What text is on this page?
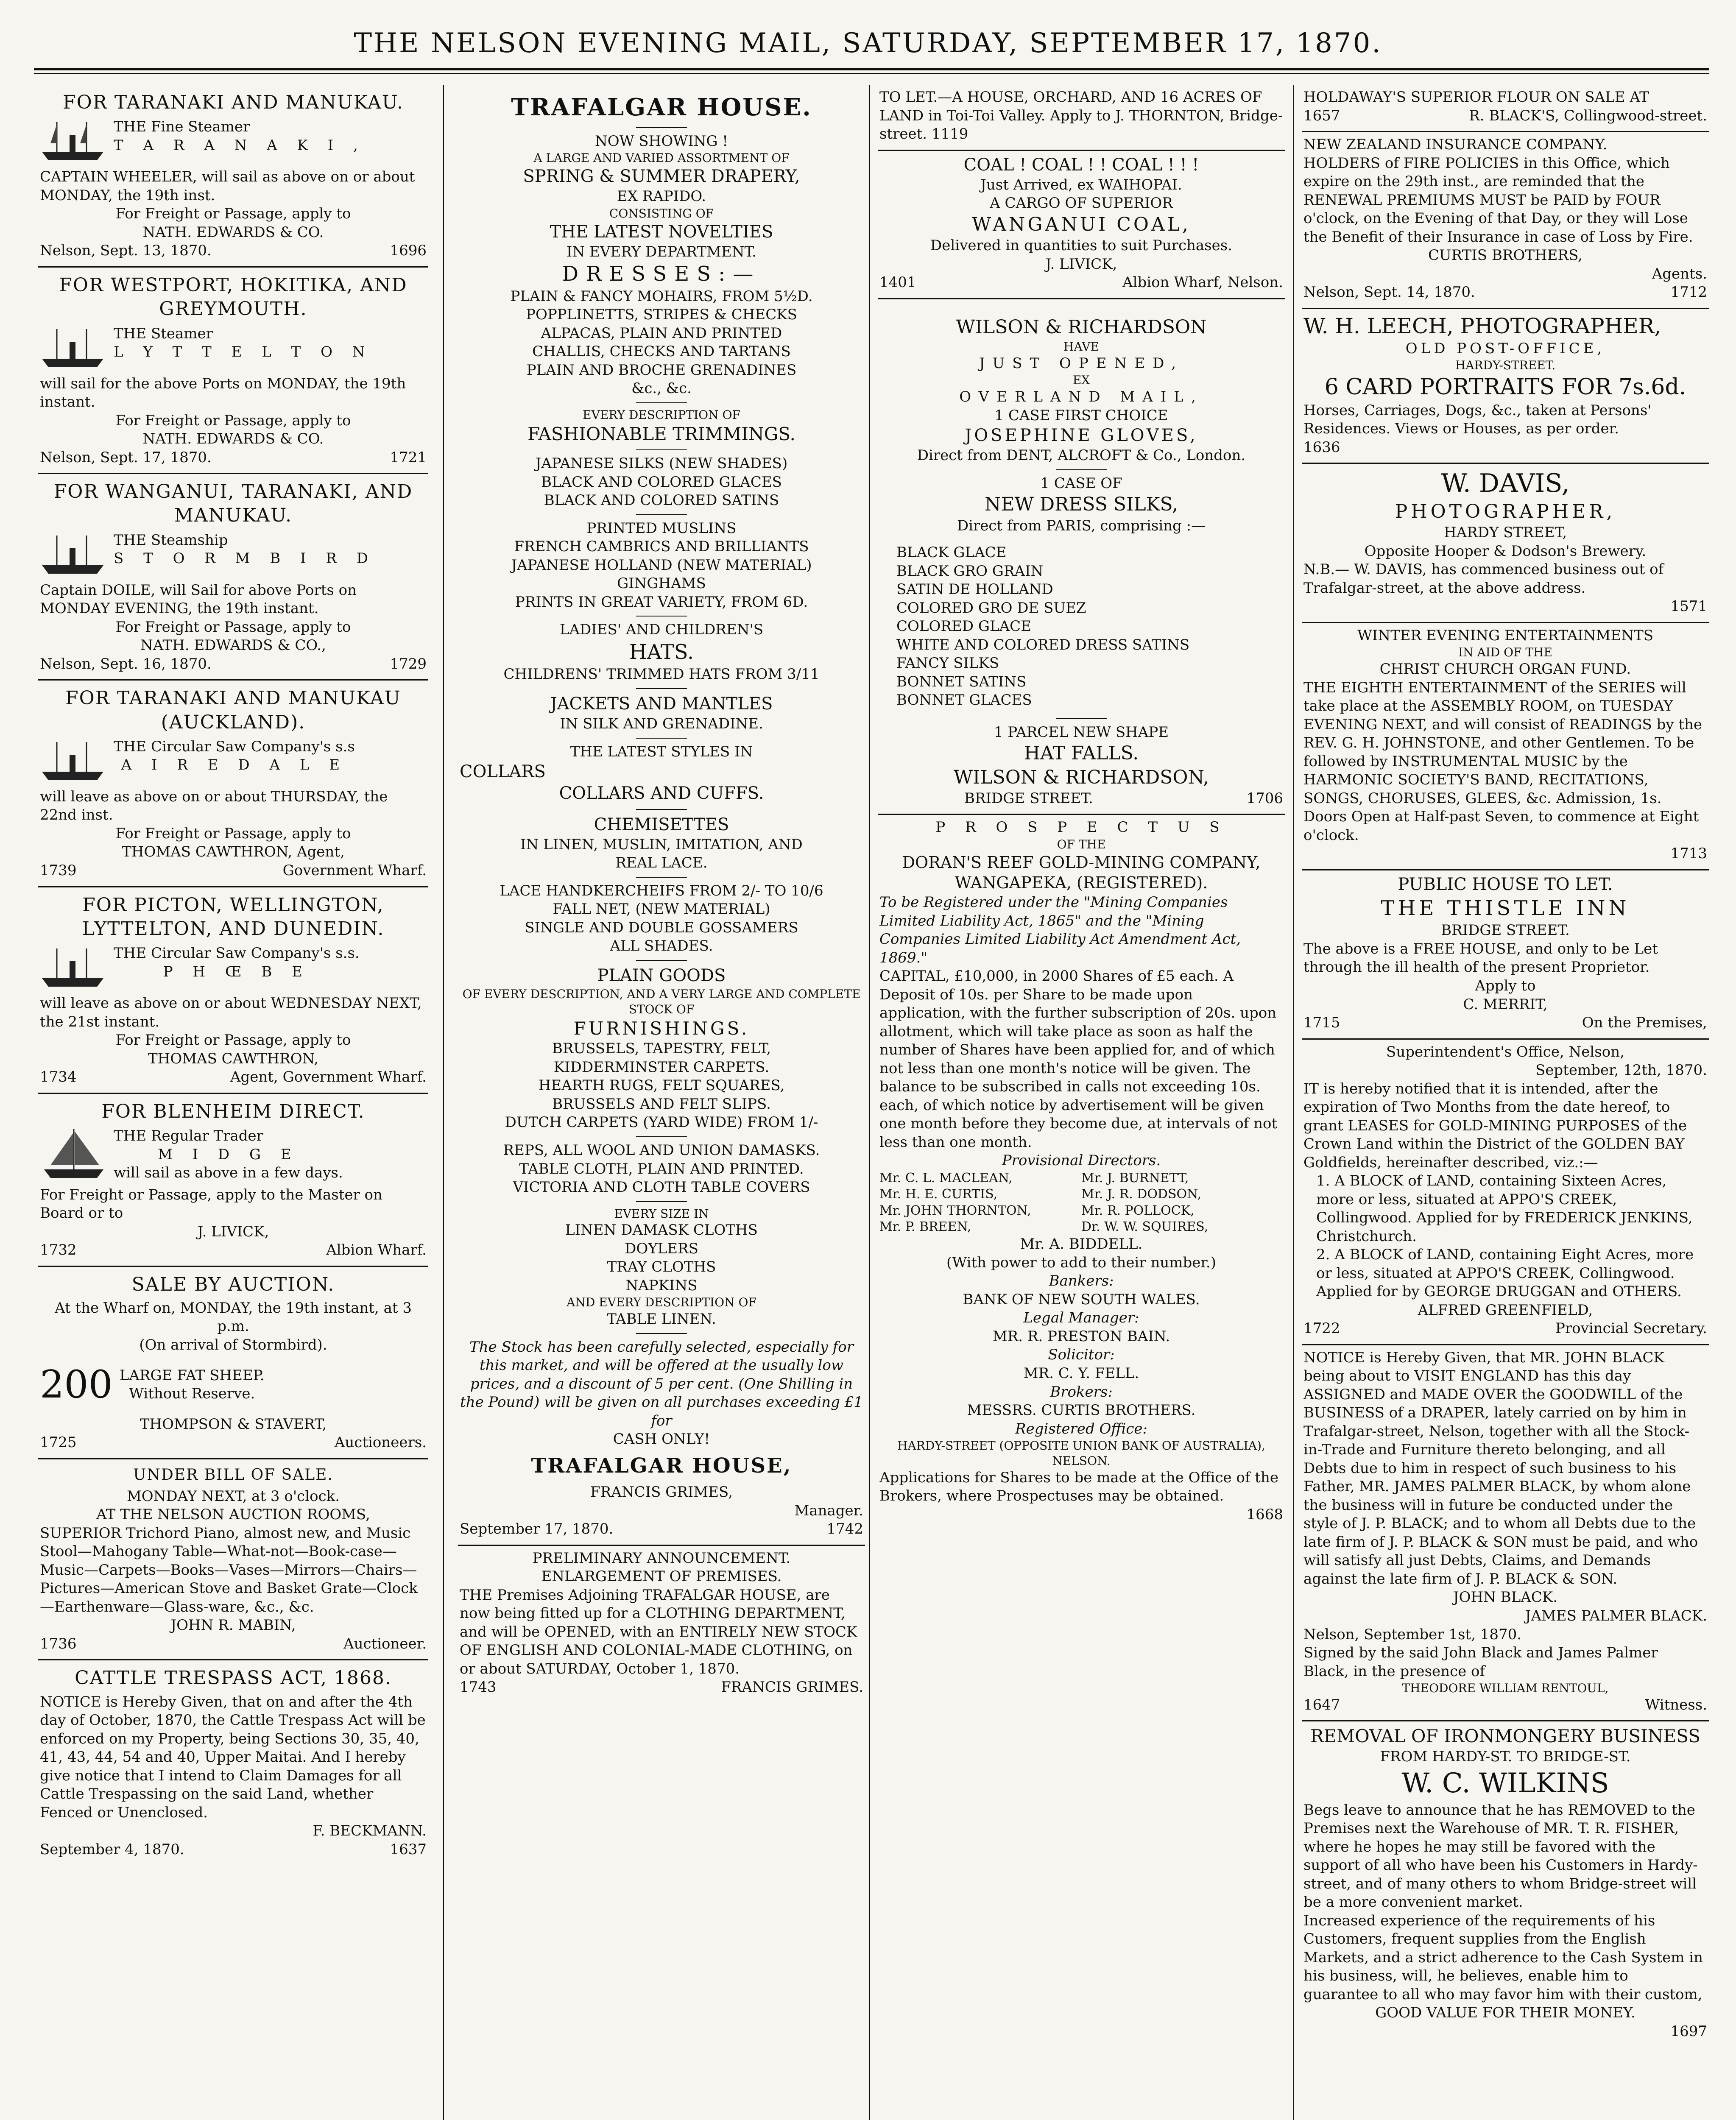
THE NELSON EVENING MAIL, SATURDAY, SEPTEMBER 17, 1870.
FOR TARANAKI AND MANUKAU.
THE Fine Steamer
T A R A N A K I ,
CAPTAIN WHEELER, will sail as above on or about MONDAY, the 19th inst.
For Freight or Passage, apply to
NATH. EDWARDS & CO.
Nelson, Sept. 13, 1870.	1696
FOR WESTPORT, HOKITIKA, AND GREYMOUTH.
THE Steamer
L Y T T E L T O N
will sail for the above Ports on MONDAY, the 19th instant.
For Freight or Passage, apply to
NATH. EDWARDS & CO.
Nelson, Sept. 17, 1870.	1721
FOR WANGANUI, TARANAKI, AND MANUKAU.
THE Steamship
S T O R M B I R D
Captain DOILE, will Sail for above Ports on MONDAY EVENING, the 19th instant.
For Freight or Passage, apply to
NATH. EDWARDS & CO.,
Nelson, Sept. 16, 1870.	1729
FOR TARANAKI AND MANUKAU (AUCKLAND).
THE Circular Saw Company's s.s
A I R E D A L E
will leave as above on or about THURSDAY, the 22nd inst.
For Freight or Passage, apply to
THOMAS CAWTHRON, Agent,
1739	Government Wharf.
FOR PICTON, WELLINGTON, LYTTELTON, AND DUNEDIN.
THE Circular Saw Company's s.s.
P H Œ B E
will leave as above on or about WEDNESDAY NEXT, the 21st instant.
For Freight or Passage, apply to
THOMAS CAWTHRON,
1734	Agent, Government Wharf.
FOR BLENHEIM DIRECT.
THE Regular Trader
M I D G E
will sail as above in a few days.
For Freight or Passage, apply to the Master on Board or to
J. LIVICK,
1732	Albion Wharf.
SALE BY AUCTION.
At the Wharf on, MONDAY, the 19th instant, at 3 p.m.
(On arrival of Stormbird).
200 LARGE FAT SHEEP.
Without Reserve.
THOMPSON & STAVERT,
1725	Auctioneers.
UNDER BILL OF SALE.
MONDAY NEXT, at 3 o'clock.
AT THE NELSON AUCTION ROOMS,
SUPERIOR Trichord Piano, almost new, and Music Stool—Mahogany Table—What-not—Book-case—Music—Carpets—Books—Vases—Mirrors—Chairs—Pictures—American Stove and Basket Grate—Clock—Earthenware—Glass-ware, &c., &c.
JOHN R. MABIN,
1736	Auctioneer.
CATTLE TRESPASS ACT, 1868.
NOTICE is Hereby Given, that on and after the 4th day of October, 1870, the Cattle Trespass Act will be enforced on my Property, being Sections 30, 35, 40, 41, 43, 44, 54 and 40, Upper Maitai. And I hereby give notice that I intend to Claim Damages for all Cattle Trespassing on the said Land, whether Fenced or Unenclosed.
F. BECKMANN.
September 4, 1870.	1637
TRAFALGAR HOUSE.
NOW SHOWING !
A LARGE AND VARIED ASSORTMENT OF
SPRING & SUMMER DRAPERY,
EX RAPIDO.
CONSISTING OF
THE LATEST NOVELTIES
IN EVERY DEPARTMENT.
DRESSES:—
PLAIN & FANCY MOHAIRS, FROM 5½D.
POPPLINETTS, STRIPES & CHECKS
ALPACAS, PLAIN AND PRINTED
CHALLIS, CHECKS AND TARTANS
PLAIN AND BROCHE GRENADINES
&c., &c.
EVERY DESCRIPTION OF
FASHIONABLE TRIMMINGS.
JAPANESE SILKS (NEW SHADES)
BLACK AND COLORED GLACES
BLACK AND COLORED SATINS
PRINTED MUSLINS
FRENCH CAMBRICS AND BRILLIANTS
JAPANESE HOLLAND (NEW MATERIAL)
GINGHAMS
PRINTS IN GREAT VARIETY, FROM 6D.
LADIES' AND CHILDREN'S
HATS.
CHILDRENS' TRIMMED HATS FROM 3/11
JACKETS AND MANTLES
IN SILK AND GRENADINE.
THE LATEST STYLES IN
COLLARS
COLLARS AND CUFFS.
CHEMISETTES
IN LINEN, MUSLIN, IMITATION, AND
REAL LACE.
LACE HANDKERCHEIFS FROM 2/- TO 10/6
FALL NET, (NEW MATERIAL)
SINGLE AND DOUBLE GOSSAMERS
ALL SHADES.
PLAIN GOODS
OF EVERY DESCRIPTION, AND A VERY LARGE AND COMPLETE STOCK OF
FURNISHINGS.
BRUSSELS, TAPESTRY, FELT,
KIDDERMINSTER CARPETS.
HEARTH RUGS, FELT SQUARES,
BRUSSELS AND FELT SLIPS.
DUTCH CARPETS (YARD WIDE) FROM 1/-
REPS, ALL WOOL AND UNION DAMASKS.
TABLE CLOTH, PLAIN AND PRINTED.
VICTORIA AND CLOTH TABLE COVERS
EVERY SIZE IN
LINEN DAMASK CLOTHS
DOYLERS
TRAY CLOTHS
NAPKINS
AND EVERY DESCRIPTION OF
TABLE LINEN.
The Stock has been carefully selected, especially for this market, and will be offered at the usually low prices, and a discount of 5 per cent. (One Shilling in the Pound) will be given on all purchases exceeding £1 for
CASH ONLY!
TRAFALGAR HOUSE,
FRANCIS GRIMES,
Manager.
September 17, 1870.	1742
PRELIMINARY ANNOUNCEMENT.
ENLARGEMENT OF PREMISES.
THE Premises Adjoining TRAFALGAR HOUSE, are now being fitted up for a CLOTHING DEPARTMENT, and will be OPENED, with an ENTIRELY NEW STOCK OF ENGLISH AND COLONIAL-MADE CLOTHING, on or about SATURDAY, October 1, 1870.
1743	FRANCIS GRIMES.
TO LET.—A HOUSE, ORCHARD, AND 16 ACRES OF LAND in Toi-Toi Valley. Apply to J. THORNTON, Bridge-street. 1119
COAL ! COAL ! ! COAL ! ! !
Just Arrived, ex WAIHOPAI.
A CARGO OF SUPERIOR
WANGANUI COAL,
Delivered in quantities to suit Purchases.
J. LIVICK,
1401	Albion Wharf, Nelson.
WILSON & RICHARDSON
HAVE
JUST OPENED,
EX
OVERLAND MAIL,
1 CASE FIRST CHOICE
JOSEPHINE GLOVES,
Direct from DENT, ALCROFT & Co., London.
1 CASE OF
NEW DRESS SILKS,
Direct from PARIS, comprising :—
BLACK GLACE
BLACK GRO GRAIN
SATIN DE HOLLAND
COLORED GRO DE SUEZ
COLORED GLACE
WHITE AND COLORED DRESS SATINS
FANCY SILKS
BONNET SATINS
BONNET GLACES
1 PARCEL NEW SHAPE
HAT FALLS.
WILSON & RICHARDSON,
BRIDGE STREET.	1706
P R O S P E C T U S
OF THE
DORAN'S REEF GOLD-MINING COMPANY, WANGAPEKA, (REGISTERED).
To be Registered under the "Mining Companies Limited Liability Act, 1865" and the "Mining Companies Limited Liability Act Amendment Act, 1869."
CAPITAL, £10,000, in 2000 Shares of £5 each. A Deposit of 10s. per Share to be made upon application, with the further subscription of 20s. upon allotment, which will take place as soon as half the number of Shares have been applied for, and of which not less than one month's notice will be given. The balance to be subscribed in calls not exceeding 10s. each, of which notice by advertisement will be given one month before they become due, at intervals of not less than one month.
Provisional Directors.
Mr. C. L. MACLEAN,	Mr. J. BURNETT,
Mr. H. E. CURTIS,	Mr. J. R. DODSON,
Mr. JOHN THORNTON,	Mr. R. POLLOCK,
Mr. P. BREEN,	Dr. W. W. SQUIRES,
Mr. A. BIDDELL.
(With power to add to their number.)
Bankers:
BANK OF NEW SOUTH WALES.
Legal Manager:
MR. R. PRESTON BAIN.
Solicitor:
MR. C. Y. FELL.
Brokers:
MESSRS. CURTIS BROTHERS.
Registered Office:
HARDY-STREET (OPPOSITE UNION BANK OF AUSTRALIA), NELSON.
Applications for Shares to be made at the Office of the Brokers, where Prospectuses may be obtained.
1668
HOLDAWAY'S SUPERIOR FLOUR ON SALE AT
1657	R. BLACK'S, Collingwood-street.
NEW ZEALAND INSURANCE COMPANY.
HOLDERS of FIRE POLICIES in this Office, which expire on the 29th inst., are reminded that the RENEWAL PREMIUMS MUST be PAID by FOUR o'clock, on the Evening of that Day, or they will Lose the Benefit of their Insurance in case of Loss by Fire.
CURTIS BROTHERS,
Agents.
Nelson, Sept. 14, 1870.	1712
W. H. LEECH, PHOTOGRAPHER,
OLD POST-OFFICE,
HARDY-STREET.
6 CARD PORTRAITS FOR 7s.6d.
Horses, Carriages, Dogs, &c., taken at Persons' Residences. Views or Houses, as per order.
1636
W. DAVIS,
PHOTOGRAPHER,
HARDY STREET,
Opposite Hooper & Dodson's Brewery.
N.B.— W. DAVIS, has commenced business out of Trafalgar-street, at the above address.
1571
WINTER EVENING ENTERTAINMENTS
IN AID OF THE
CHRIST CHURCH ORGAN FUND.
THE EIGHTH ENTERTAINMENT of the SERIES will take place at the ASSEMBLY ROOM, on TUESDAY EVENING NEXT, and will consist of READINGS by the REV. G. H. JOHNSTONE, and other Gentlemen. To be followed by INSTRUMENTAL MUSIC by the HARMONIC SOCIETY'S BAND, RECITATIONS, SONGS, CHORUSES, GLEES, &c. Admission, 1s. Doors Open at Half-past Seven, to commence at Eight o'clock.
1713
PUBLIC HOUSE TO LET.
THE THISTLE INN
BRIDGE STREET.
The above is a FREE HOUSE, and only to be Let through the ill health of the present Proprietor.
Apply to
C. MERRIT,
1715	On the Premises,
Superintendent's Office, Nelson,
September, 12th, 1870.
IT is hereby notified that it is intended, after the expiration of Two Months from the date hereof, to grant LEASES for GOLD-MINING PURPOSES of the Crown Land within the District of the GOLDEN BAY Goldfields, hereinafter described, viz.:—
1. A BLOCK of LAND, containing Sixteen Acres, more or less, situated at APPO'S CREEK, Collingwood. Applied for by FREDERICK JENKINS, Christchurch.
2. A BLOCK of LAND, containing Eight Acres, more or less, situated at APPO'S CREEK, Collingwood. Applied for by GEORGE DRUGGAN and OTHERS.
ALFRED GREENFIELD,
1722	Provincial Secretary.
NOTICE is Hereby Given, that MR. JOHN BLACK being about to VISIT ENGLAND has this day ASSIGNED and MADE OVER the GOODWILL of the BUSINESS of a DRAPER, lately carried on by him in Trafalgar-street, Nelson, together with all the Stock-in-Trade and Furniture thereto belonging, and all Debts due to him in respect of such business to his Father, MR. JAMES PALMER BLACK, by whom alone the business will in future be conducted under the style of J. P. BLACK; and to whom all Debts due to the late firm of J. P. BLACK & SON must be paid, and who will satisfy all just Debts, Claims, and Demands against the late firm of J. P. BLACK & SON.
JOHN BLACK.
JAMES PALMER BLACK.
Nelson, September 1st, 1870.
Signed by the said John Black and James Palmer Black, in the presence of
THEODORE WILLIAM RENTOUL,
1647	Witness.
REMOVAL OF IRONMONGERY BUSINESS
FROM HARDY-ST. TO BRIDGE-ST.
W. C. WILKINS
Begs leave to announce that he has REMOVED to the Premises next the Warehouse of MR. T. R. FISHER, where he hopes he may still be favored with the support of all who have been his Customers in Hardy-street, and of many others to whom Bridge-street will be a more convenient market.
Increased experience of the requirements of his Customers, frequent supplies from the English Markets, and a strict adherence to the Cash System in his business, will, he believes, enable him to guarantee to all who may favor him with their custom,
GOOD VALUE FOR THEIR MONEY.
1697
